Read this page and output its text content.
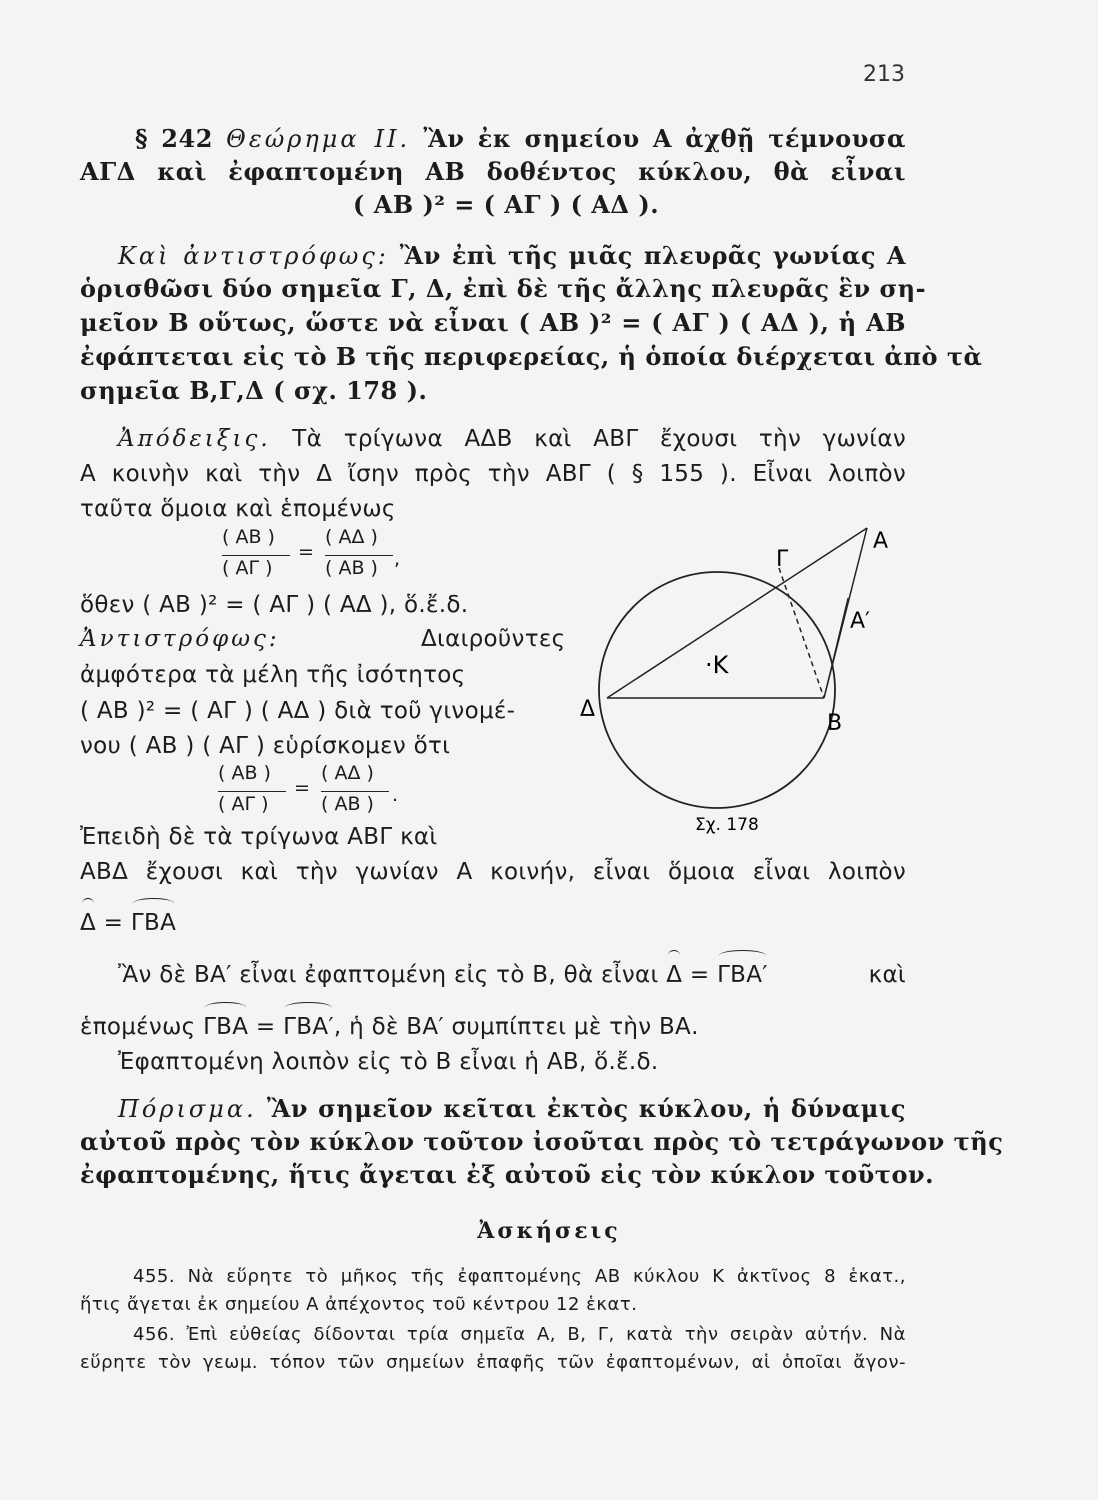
213
§ 242 Θεώρημα ΙΙ. Ἂν ἐκ σημείου Α ἀχθῇ τέμνουσα
ΑΓΔ καὶ ἐφαπτομένη ΑΒ δοθέντος κύκλου, θὰ εἶναι
( ΑΒ )² = ( ΑΓ ) ( ΑΔ ).
Καὶ ἀντιστρόφως: Ἂν ἐπὶ τῆς μιᾶς πλευρᾶς γωνίας Α
ὁρισθῶσι δύο σημεῖα Γ, Δ, ἐπὶ δὲ τῆς ἄλλης πλευρᾶς ἓν ση-
μεῖον Β οὕτως, ὥστε νὰ εἶναι ( ΑΒ )² = ( ΑΓ ) ( ΑΔ ), ἡ ΑΒ
ἐφάπτεται εἰς τὸ Β τῆς περιφερείας, ἡ ὁποία διέρχεται ἀπὸ τὰ
σημεῖα Β,Γ,Δ ( σχ. 178 ).
Ἀπόδειξις. Τὰ τρίγωνα ΑΔΒ καὶ ΑΒΓ ἔχουσι τὴν γωνίαν
Α κοινὴν καὶ τὴν Δ ἴσην πρὸς τὴν ΑΒΓ ( § 155 ). Εἶναι λοιπὸν
ταῦτα ὅμοια καὶ ἑπομένως
( ΑΒ )
( ΑΓ )
=
( ΑΔ )
( ΑΒ ) ,
ὅθεν ( ΑΒ )² = ( ΑΓ ) ( ΑΔ ), ὅ.ἔ.δ.
Ἀντιστρόφως:	Διαιροῦντες
ἀμφότερα τὰ μέλη τῆς ἰσότητος
( ΑΒ )² = ( ΑΓ ) ( ΑΔ ) διὰ τοῦ γινομέ-
νου ( ΑΒ ) ( ΑΓ ) εὑρίσκομεν ὅτι
( ΑΒ )
( ΑΓ )
=
( ΑΔ )
( ΑΒ ) .
Ἐπειδὴ δὲ τὰ τρίγωνα ΑΒΓ καὶ
ΑΒΔ ἔχουσι καὶ τὴν γωνίαν Α κοινήν, εἶναι ὅμοια εἶναι λοιπὸν
Δ = ΓΒΑ
Ἂν δὲ ΒΑ′ εἶναι ἐφαπτομένη εἰς τὸ Β, θὰ εἶναι Δ = ΓΒΑ′	καὶ
ἑπομένως ΓΒΑ = ΓΒΑ′, ἡ δὲ ΒΑ′ συμπίπτει μὲ τὴν ΒΑ.
Ἐφαπτομένη λοιπὸν εἰς τὸ Β εἶναι ἡ ΑΒ, ὅ.ἔ.δ.
Πόρισμα. Ἂν σημεῖον κεῖται ἐκτὸς κύκλου, ἡ δύναμις
αὐτοῦ πρὸς τὸν κύκλον τοῦτον ἰσοῦται πρὸς τὸ τετράγωνον τῆς
ἐφαπτομένης, ἥτις ἄγεται ἐξ αὐτοῦ εἰς τὸν κύκλον τοῦτον.
Ἀσκήσεις
455. Νὰ εὕρητε τὸ μῆκος τῆς ἐφαπτομένης ΑΒ κύκλου Κ ἀκτῖνος 8 ἑκατ.,
ἥτις ἄγεται ἐκ σημείου Α ἀπέχοντος τοῦ κέντρου 12 ἑκατ.
456. Ἐπὶ εὐθείας δίδονται τρία σημεῖα Α, Β, Γ, κατὰ τὴν σειρὰν αὐτήν. Νὰ
εὕρητε τὸν γεωμ. τόπον τῶν σημείων ἐπαφῆς τῶν ἐφαπτομένων, αἱ ὁποῖαι ἄγον-
Α
Α′
Γ
·Κ
Δ
Β
Σχ. 178
